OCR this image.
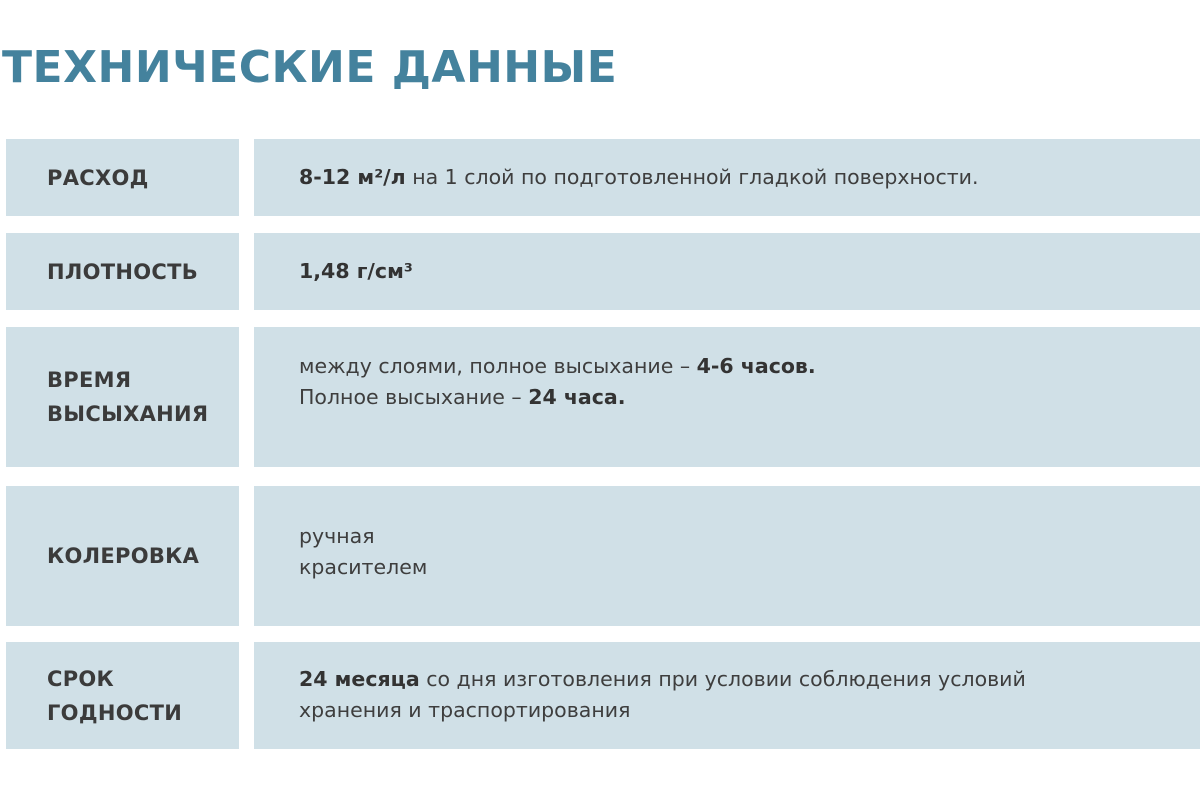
ТЕХНИЧЕСКИЕ ДАННЫЕ
РАСХОД	8-12 м²/л на 1 слой по подготовленной гладкой поверхности.
ПЛОТНОСТЬ	1,48 г/см³
ВРЕМЯ
ВЫСЫХАНИЯ
между слоями, полное высыхание – 4-6 часов.
Полное высыхание – 24 часа.
КОЛЕРОВКА
ручная
красителем
СРОК
ГОДНОСТИ
24 месяца со дня изготовления при условии соблюдения условий
хранения и траспортирования
